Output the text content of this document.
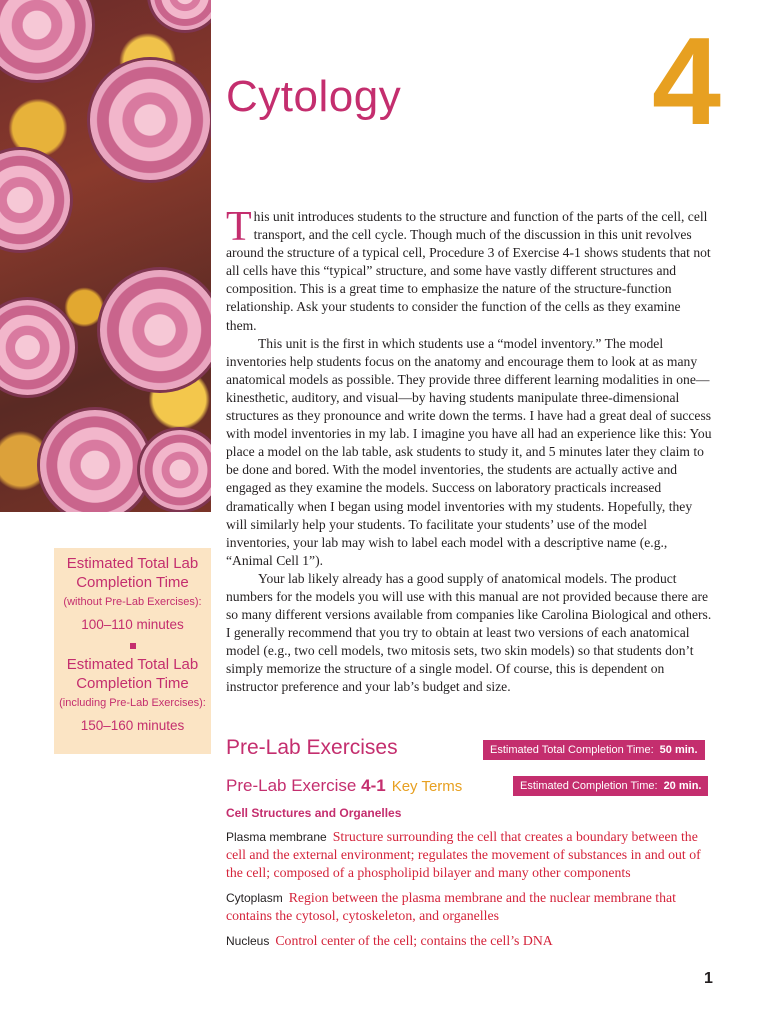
Cytology 4

This unit introduces students to the structure and function of the parts of the cell, cell transport, and the cell cycle. Though much of the discussion in this unit revolves around the structure of a typical cell, Procedure 3 of Exercise 4-1 shows students that not all cells have this “typical” structure, and some have vastly different structures and composition. This is a great time to emphasize the nature of the structure-function relationship. Ask your students to consider the function of the cells as they examine them.

This unit is the first in which students use a “model inventory.” The model inventories help students focus on the anatomy and encourage them to look at as many anatomical models as possible. They provide three different learning modalities in one—kinesthetic, auditory, and visual—by having students manipulate three-dimensional structures as they pronounce and write down the terms. I have had a great deal of success with model inventories in my lab. I imagine you have all had an experience like this: You place a model on the lab table, ask students to study it, and 5 minutes later they claim to be done and bored. With the model inventories, the students are actually active and engaged as they examine the models. Success on laboratory practicals increased dramatically when I began using model inventories with my students. Hopefully, they will similarly help your students. To facilitate your students’ use of the model inventories, your lab may wish to label each model with a descriptive name (e.g., “Animal Cell 1”).

Your lab likely already has a good supply of anatomical models. The product numbers for the models you will use with this manual are not provided because there are so many different versions available from companies like Carolina Biological and others. I generally recommend that you try to obtain at least two versions of each anatomical model (e.g., two cell models, two mitosis sets, two skin models) so that students don’t simply memorize the structure of a single model. Of course, this is dependent on instructor preference and your lab’s budget and size.

Estimated Total Lab Completion Time
(without Pre-Lab Exercises):
100–110 minutes
Estimated Total Lab Completion Time
(including Pre-Lab Exercises):
150–160 minutes
Pre-Lab Exercises	Estimated Total Completion Time: 50 min.
Pre-Lab Exercise 4-1 Key Terms	Estimated Completion Time: 20 min.
Cell Structures and Organelles
Plasma membrane Structure surrounding the cell that creates a boundary between the cell and the external environment; regulates the movement of substances in and out of the cell; composed of a phospholipid bilayer and many other components
Cytoplasm Region between the plasma membrane and the nuclear membrane that contains the cytosol, cytoskeleton, and organelles
Nucleus Control center of the cell; contains the cell’s DNA
1
